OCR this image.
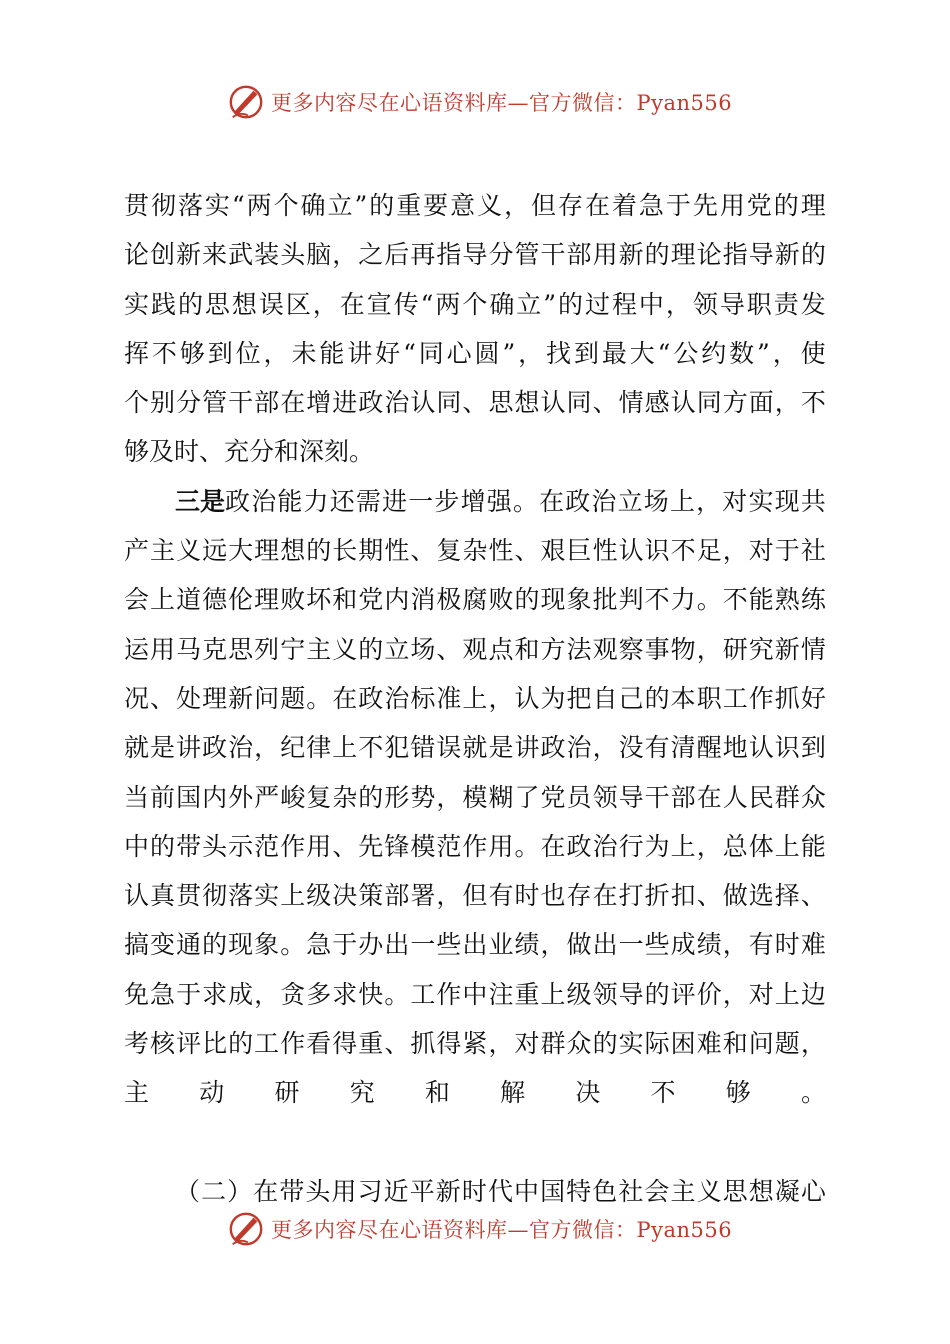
更多内容尽在心语资料库—官方微信：Pyan556
贯 彻 落 实 “ 两 个 确 立 ” 的 重 要 意 义 ， 但 存 在 着 急 于 先 用 党 的 理
论 创 新 来 武 装 头 脑 ， 之 后 再 指 导 分 管 干 部 用 新 的 理 论 指 导 新 的
实 践 的 思 想 误 区 ， 在 宣 传 “ 两 个 确 立 ” 的 过 程 中 ， 领 导 职 责 发
挥 不 够 到 位 ， 未 能 讲 好 “ 同 心 圆 ” ， 找 到 最 大 “ 公 约 数 ” ， 使
个 别 分 管 干 部 在 增 进 政 治 认 同 、 思 想 认 同 、 情 感 认 同 方 面 ， 不
够及时、充分和深刻。
三是 政 治 能 力 还 需 进 一 步 增 强 。 在 政 治 立 场 上 ， 对 实 现 共
产 主 义 远 大 理 想 的 长 期 性 、 复 杂 性 、 艰 巨 性 认 识 不 足 ， 对 于 社
会 上 道 德 伦 理 败 坏 和 党 内 消 极 腐 败 的 现 象 批 判 不 力 。 不 能 熟 练
运 用 马 克 思 列 宁 主 义 的 立 场 、 观 点 和 方 法 观 察 事 物 ， 研 究 新 情
况 、 处 理 新 问 题 。 在 政 治 标 准 上 ， 认 为 把 自 己 的 本 职 工 作 抓 好
就 是 讲 政 治 ， 纪 律 上 不 犯 错 误 就 是 讲 政 治 ， 没 有 清 醒 地 认 识 到
当 前 国 内 外 严 峻 复 杂 的 形 势 ， 模 糊 了 党 员 领 导 干 部 在 人 民 群 众
中 的 带 头 示 范 作 用 、 先 锋 模 范 作 用 。 在 政 治 行 为 上 ， 总 体 上 能
认 真 贯 彻 落 实 上 级 决 策 部 署 ， 但 有 时 也 存 在 打 折 扣 、 做 选 择 、
搞 变 通 的 现 象 。 急 于 办 出 一 些 出 业 绩 ， 做 出 一 些 成 绩 ， 有 时 难
免 急 于 求 成 ， 贪 多 求 快 。 工 作 中 注 重 上 级 领 导 的 评 价 ， 对 上 边
考 核 评 比 的 工 作 看 得 重 、 抓 得 紧 ， 对 群 众 的 实 际 困 难 和 问 题 ，
主 动 研 究 和 解 决 不 够 。
（ 二 ） 在 带 头 用 习 近 平 新 时 代 中 国 特 色 社 会 主 义 思 想 凝 心
更多内容尽在心语资料库—官方微信：Pyan556
